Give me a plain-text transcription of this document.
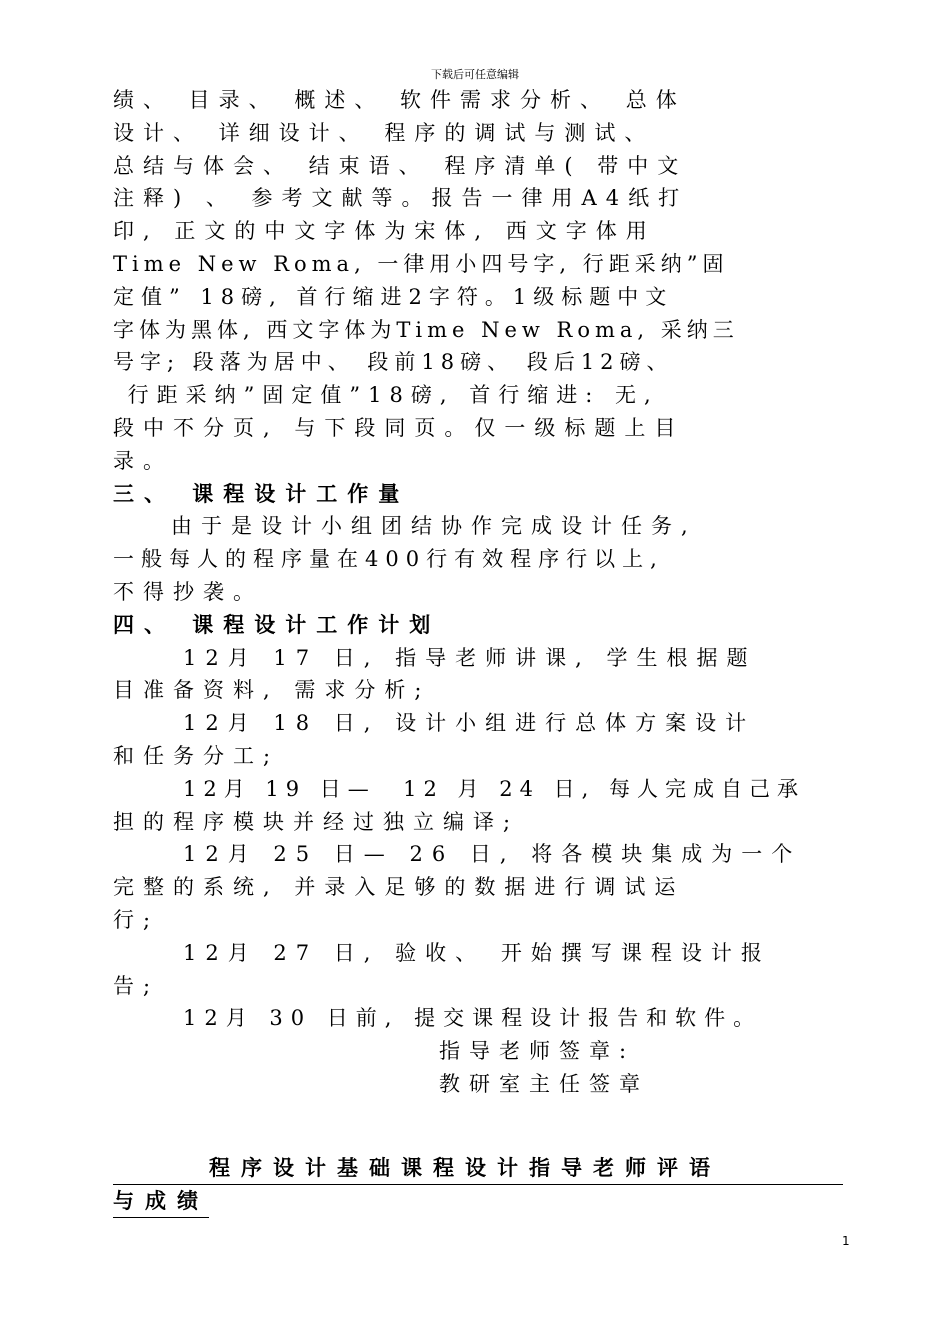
下载后可任意编辑
绩、 目录、 概述、 软件需求分析、 总体
设计、 详细设计、 程序的调试与测试、
总结与体会、 结束语、 程序清单( 带中文
注释) 、 参考文献等。报告一律用A4纸打
印, 正文的中文字体为宋体, 西文字体用
Time New Roma, 一律用小四号字, 行距采纳”固
定值” 18磅, 首行缩进2字符。1级标题中文
字体为黑体, 西文字体为Time New Roma, 采纳三
号字; 段落为居中、 段前18磅、 段后12磅、
行距采纳”固定值”18磅, 首行缩进: 无,
段中不分页, 与下段同页。仅一级标题上目
录。
三、 课程设计工作量
由于是设计小组团结协作完成设计任务,
一般每人的程序量在400行有效程序行以上,
不得抄袭。
四、 课程设计工作计划
12月 17 日, 指导老师讲课, 学生根据题
目准备资料, 需求分析;
12月 18 日, 设计小组进行总体方案设计
和任务分工;
12月 19 日—  12 月 24 日, 每人完成自己承
担的程序模块并经过独立编译;
12月 25 日— 26 日, 将各模块集成为一个
完整的系统, 并录入足够的数据进行调试运
行;
12月 27 日, 验收、 开始撰写课程设计报
告;
12月 30 日前, 提交课程设计报告和软件。
指导老师签章:
教研室主任签章
程序设计基础课程设计指导老师评语
与成绩
1
